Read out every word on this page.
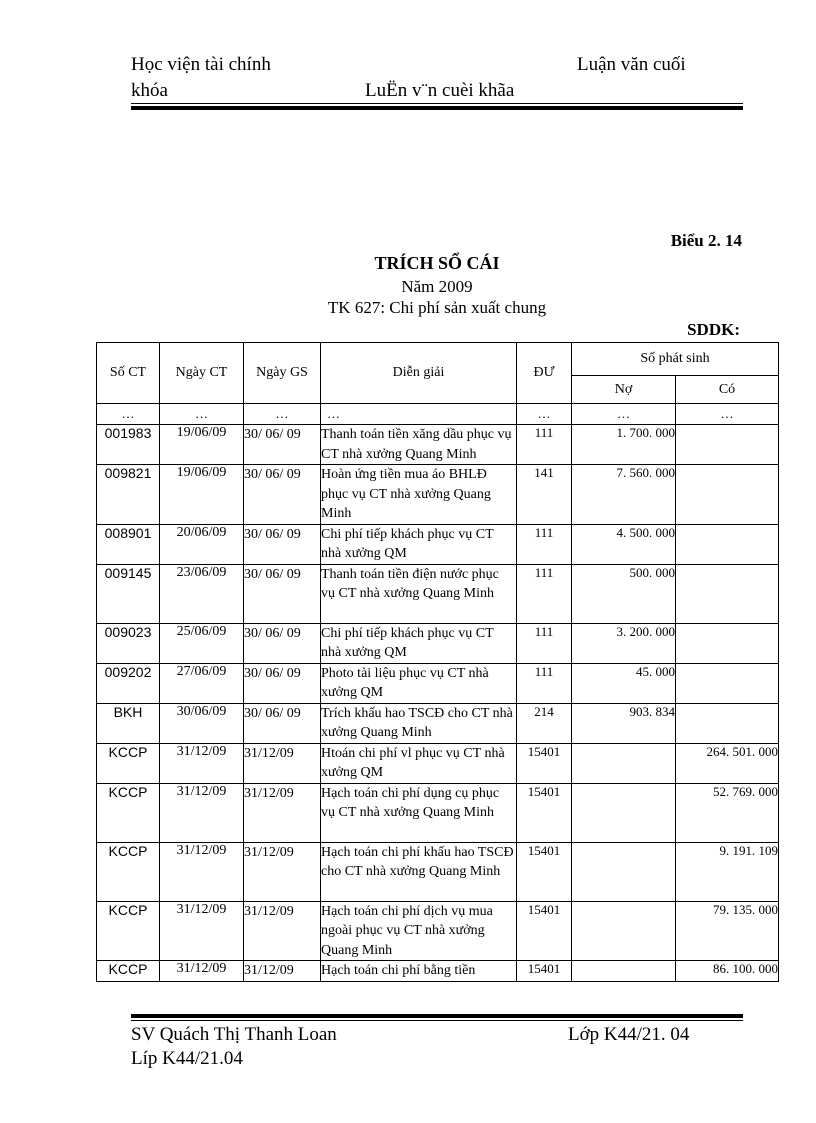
Học viện tài chính	Luận văn cuối
khóa	LuËn v¨n cuèi khãa
Biểu 2. 14
TRÍCH SỔ CÁI
Năm 2009
TK 627: Chi phí sản xuất chung
SDDK:
Số CT	Ngày CT	Ngày GS	Diễn giải	ĐƯ	Số phát sinh	
					Nợ	Có
…	…	…	…	…	…	…
001983	19/06/09	30/ 06/ 09	Thanh toán tiền xăng dầu phục vụ CT nhà xưởng Quang Minh	111	1. 700. 000	
009821	19/06/09	30/ 06/ 09	Hoàn ứng tiền mua áo BHLĐ phục vụ CT nhà xưởng Quang Minh	141	7. 560. 000	
008901	20/06/09	30/ 06/ 09	Chi phí tiếp khách phục vụ CT nhà xưởng QM	111	4. 500. 000	
009145	23/06/09	30/ 06/ 09	Thanh toán tiền điện nước phục vụ CT nhà xưởng Quang Minh	111	500. 000	
009023	25/06/09	30/ 06/ 09	Chi phí tiếp khách phục vụ CT nhà xưởng QM	111	3. 200. 000	
009202	27/06/09	30/ 06/ 09	Photo tài liệu phục vụ CT nhà xưởng QM	111	45. 000	
BKH	30/06/09	30/ 06/ 09	Trích khấu hao TSCĐ cho CT nhà xưởng Quang Minh	214	903. 834	
KCCP	31/12/09	31/12/09	Htoán chi phí vl phục vụ CT nhà xưởng QM	15401		264. 501. 000
KCCP	31/12/09	31/12/09	Hạch toán chi phí dụng cụ phục vụ CT nhà xưởng Quang Minh	15401		52. 769. 000
KCCP	31/12/09	31/12/09	Hạch toán chi phí khấu hao TSCĐ cho CT nhà xưởng Quang Minh	15401		9. 191. 109
KCCP	31/12/09	31/12/09	Hạch toán chi phí dịch vụ mua ngoài phục vụ CT nhà xưởng Quang Minh	15401		79. 135. 000
KCCP	31/12/09	31/12/09	Hạch toán chi phí bằng tiền	15401		86. 100. 000
SV Quách Thị Thanh Loan	Lớp K44/21. 04
Líp K44/21.04
